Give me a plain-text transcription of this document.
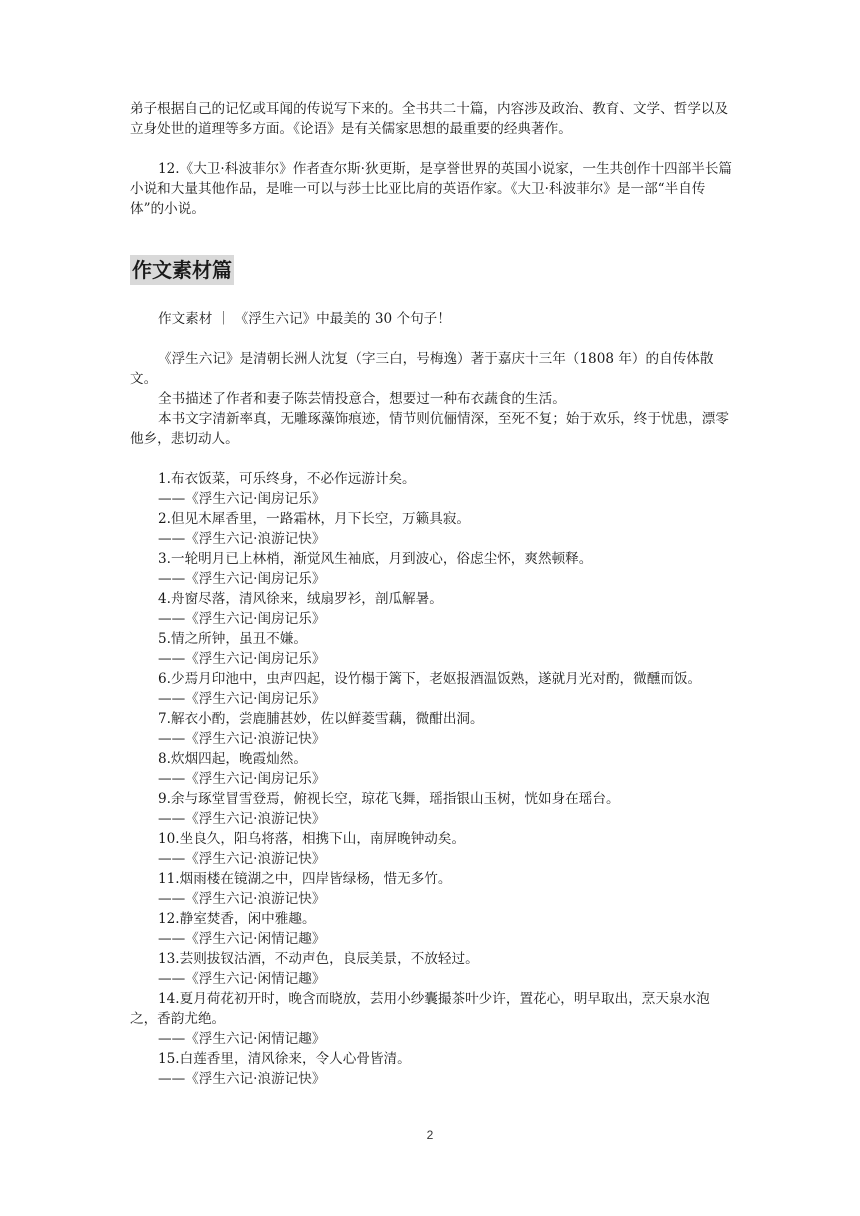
弟子根据自己的记忆或耳闻的传说写下来的。全书共二十篇，内容涉及政治、教育、文学、哲学以及立身处世的道理等多方面。《论语》是有关儒家思想的最重要的经典著作。

12.《大卫·科波菲尔》作者查尔斯·狄更斯，是享誉世界的英国小说家，一生共创作十四部半长篇小说和大量其他作品，是唯一可以与莎士比亚比肩的英语作家。《大卫·科波菲尔》是一部“半自传体”的小说。

作文素材篇

作文素材 ｜ 《浮生六记》中最美的 30 个句子！

《浮生六记》是清朝长洲人沈复（字三白，号梅逸）著于嘉庆十三年（1808 年）的自传体散文。

全书描述了作者和妻子陈芸情投意合，想要过一种布衣蔬食的生活。

本书文字清新率真，无雕琢藻饰痕迹，情节则伉俪情深，至死不复；始于欢乐，终于忧患，漂零他乡，悲切动人。

1.布衣饭菜，可乐终身，不必作远游计矣。

——《浮生六记·闺房记乐》

2.但见木犀香里，一路霜林，月下长空，万籁具寂。

——《浮生六记·浪游记快》

3.一轮明月已上林梢，渐觉风生袖底，月到波心，俗虑尘怀，爽然顿释。

——《浮生六记·闺房记乐》

4.舟窗尽落，清风徐来，绒扇罗衫，剖瓜解暑。

——《浮生六记·闺房记乐》

5.情之所钟，虽丑不嫌。

——《浮生六记·闺房记乐》

6.少焉月印池中，虫声四起，设竹榻于篱下，老妪报酒温饭熟，遂就月光对酌，微醺而饭。

——《浮生六记·闺房记乐》

7.解衣小酌，尝鹿脯甚妙，佐以鲜菱雪藕，微酣出洞。

——《浮生六记·浪游记快》

8.炊烟四起，晚霞灿然。

——《浮生六记·闺房记乐》

9.余与琢堂冒雪登焉，俯视长空，琼花飞舞，瑶指银山玉树，恍如身在瑶台。

——《浮生六记·浪游记快》

10.坐良久，阳乌将落，相携下山，南屏晚钟动矣。

——《浮生六记·浪游记快》

11.烟雨楼在镜湖之中，四岸皆绿杨，惜无多竹。

——《浮生六记·浪游记快》

12.静室焚香，闲中雅趣。

——《浮生六记·闲情记趣》

13.芸则拔钗沽酒，不动声色，良辰美景，不放轻过。

——《浮生六记·闲情记趣》

14.夏月荷花初开时，晚含而晓放，芸用小纱囊撮茶叶少许，置花心，明早取出，烹天泉水泡之，香韵尤绝。

——《浮生六记·闲情记趣》

15.白莲香里，清风徐来，令人心骨皆清。

——《浮生六记·浪游记快》

2
